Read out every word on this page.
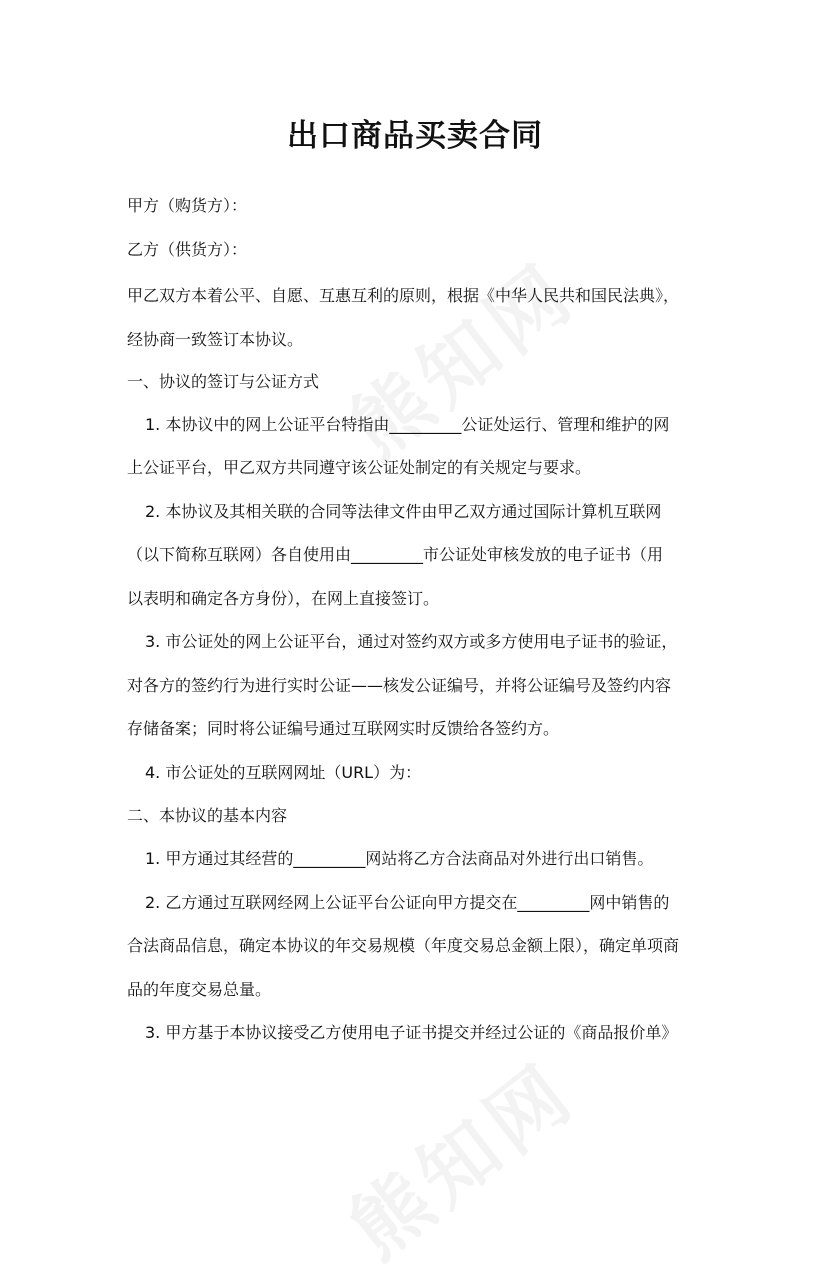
出口商品买卖合同
甲方（购货方）：
乙方（供货方）：
甲乙双方本着公平、自愿、互惠互利的原则，根据《中华人民共和国民法典》，
经协商一致签订本协议。
一、协议的签订与公证方式
1. 本协议中的网上公证平台特指由_________公证处运行、管理和维护的网
上公证平台，甲乙双方共同遵守该公证处制定的有关规定与要求。
2. 本协议及其相关联的合同等法律文件由甲乙双方通过国际计算机互联网
（以下简称互联网）各自使用由_________市公证处审核发放的电子证书（用
以表明和确定各方身份），在网上直接签订。
3. 市公证处的网上公证平台，通过对签约双方或多方使用电子证书的验证，
对各方的签约行为进行实时公证——核发公证编号，并将公证编号及签约内容
存储备案；同时将公证编号通过互联网实时反馈给各签约方。
4. 市公证处的互联网网址（URL）为：
二、本协议的基本内容
1. 甲方通过其经营的_________网站将乙方合法商品对外进行出口销售。
2. 乙方通过互联网经网上公证平台公证向甲方提交在_________网中销售的
合法商品信息，确定本协议的年交易规模（年度交易总金额上限），确定单项商
品的年度交易总量。
3. 甲方基于本协议接受乙方使用电子证书提交并经过公证的《商品报价单》
